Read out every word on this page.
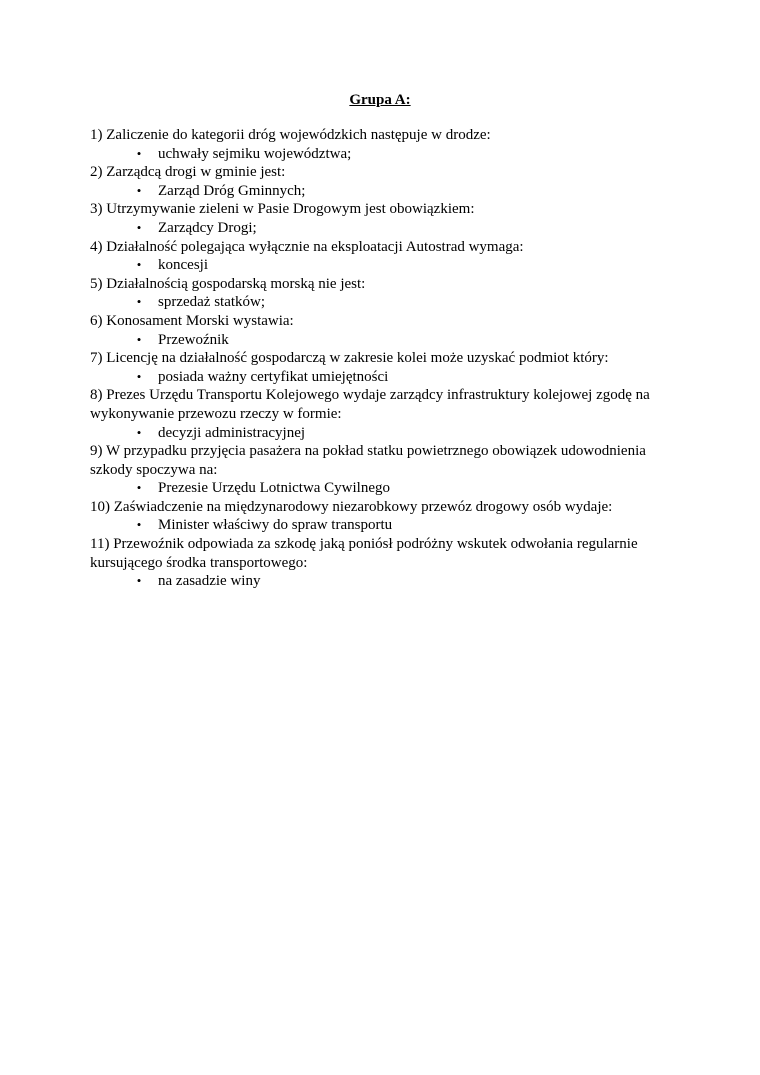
Grupa A:

1) Zaliczenie do kategorii dróg wojewódzkich następuje w drodze:

• uchwały sejmiku województwa;

2) Zarządcą drogi w gminie jest:

• Zarząd Dróg Gminnych;

3) Utrzymywanie zieleni w Pasie Drogowym jest obowiązkiem:

• Zarządcy Drogi;

4) Działalność polegająca wyłącznie na eksploatacji Autostrad wymaga:

• koncesji

5) Działalnością gospodarską morską nie jest:

• sprzedaż statków;

6) Konosament Morski wystawia:

• Przewoźnik

7) Licencję na działalność gospodarczą w zakresie kolei może uzyskać podmiot który:

• posiada ważny certyfikat umiejętności

8) Prezes Urzędu Transportu Kolejowego wydaje zarządcy infrastruktury kolejowej zgodę na wykonywanie przewozu rzeczy w formie:

• decyzji administracyjnej

9) W przypadku przyjęcia pasażera na pokład statku powietrznego obowiązek udowodnienia szkody spoczywa na:

• Prezesie Urzędu Lotnictwa Cywilnego

10) Zaświadczenie na międzynarodowy niezarobkowy przewóz drogowy osób wydaje:

• Minister właściwy do spraw transportu

11) Przewoźnik odpowiada za szkodę jaką poniósł podróżny wskutek odwołania regularnie kursującego środka transportowego:

• na zasadzie winy
